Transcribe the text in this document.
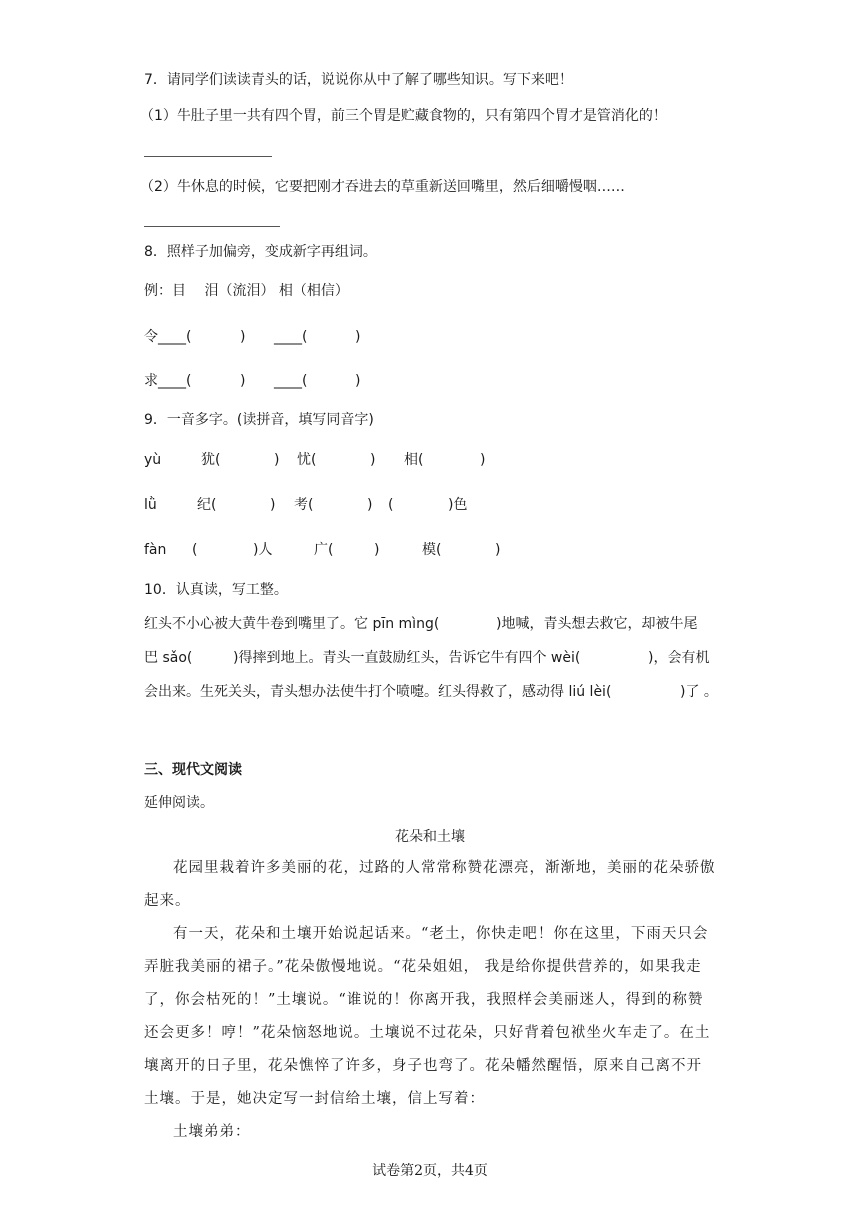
7．请同学们读读青头的话，说说你从中了解了哪些知识。写下来吧！
（1）牛肚子里一共有四个胃，前三个胃是贮藏食物的，只有第四个胃才是管消化的！
（2）牛休息的时候，它要把刚才吞进去的草重新送回嘴里，然后细嚼慢咽……
8．照样子加偏旁，变成新字再组词。
例：目　 泪（流泪） 相（相信）
令____(	) ____(	)
求____(	) ____(	)
9．一音多字。(读拼音，填写同音字)
yù	犹(	) 忧(	) 相(	)
lǜ	纪(	) 考(	) (	)色
fàn (	)人	广(	)	模(	)
10．认真读，写工整。
红头不小心被大黄牛卷到嘴里了。它 pīn mìng(	)地喊，青头想去救它，却被牛尾
巴 sǎo(	)得摔到地上。青头一直鼓励红头，告诉它牛有四个 wèi(	)，会有机
会出来。生死关头，青头想办法使牛打个喷嚏。红头得救了，感动得 liú lèi(	)了 。
三、现代文阅读
延伸阅读。
花朵和土壤

花园里栽着许多美丽的花，过路的人常常称赞花漂亮，渐渐地，美丽的花朵骄傲起来。

有一天，花朵和土壤开始说起话来。“老土，你快走吧！你在这里，下雨天只会弄脏我美丽的裙子。”花朵傲慢地说。“花朵姐姐， 我是给你提供营养的，如果我走了，你会枯死的！”土壤说。“谁说的！你离开我，我照样会美丽迷人，得到的称赞还会更多！哼！”花朵恼怒地说。土壤说不过花朵，只好背着包袱坐火车走了。在土壤离开的日子里，花朵憔悴了许多，身子也弯了。花朵幡然醒悟，原来自己离不开土壤。于是，她决定写一封信给土壤，信上写着：

土壤弟弟：

试卷第2页，共4页
